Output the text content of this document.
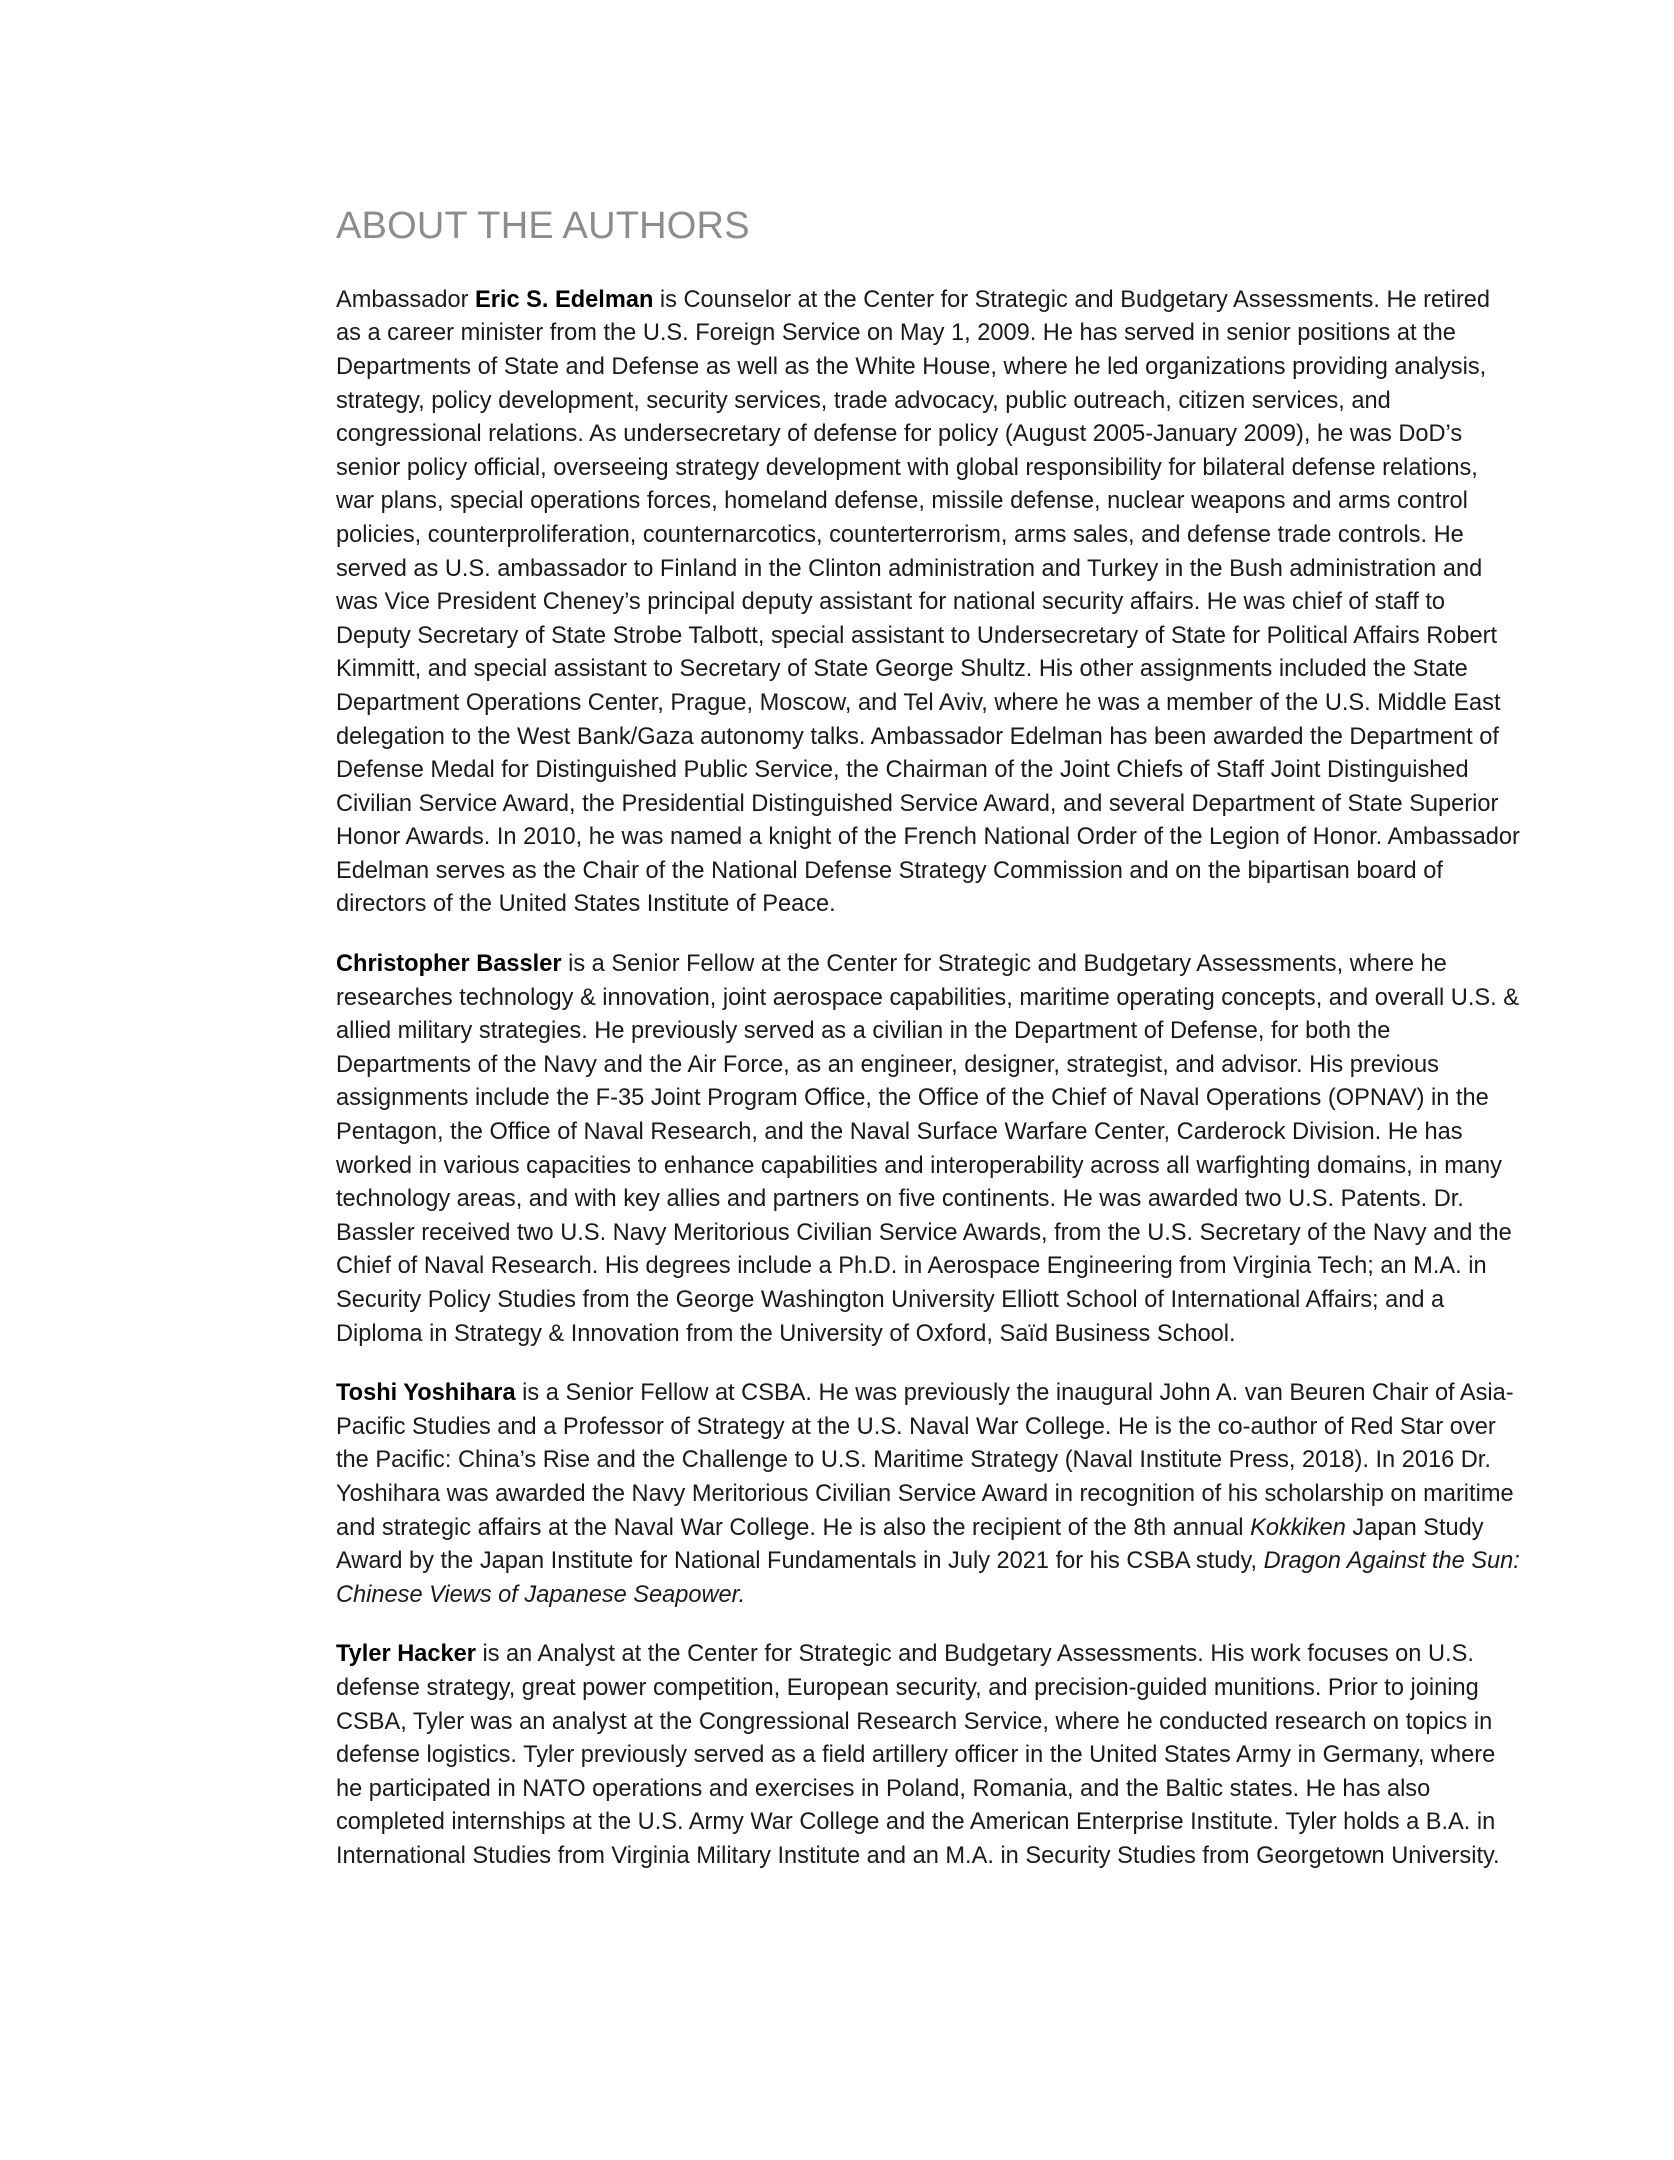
ABOUT THE AUTHORS

Ambassador Eric S. Edelman is Counselor at the Center for Strategic and Budgetary Assessments. He retired as a career minister from the U.S. Foreign Service on May 1, 2009. He has served in senior positions at the Departments of State and Defense as well as the White House, where he led organizations providing analysis, strategy, policy development, security services, trade advocacy, public outreach, citizen services, and congressional relations. As undersecretary of defense for policy (August 2005-January 2009), he was DoD’s senior policy official, overseeing strategy development with global responsibility for bilateral defense relations, war plans, special operations forces, homeland defense, missile defense, nuclear weapons and arms control policies, counterproliferation, counternarcotics, counterterrorism, arms sales, and defense trade controls. He served as U.S. ambassador to Finland in the Clinton administration and Turkey in the Bush administration and was Vice President Cheney’s principal deputy assistant for national security affairs. He was chief of staff to Deputy Secretary of State Strobe Talbott, special assistant to Undersecretary of State for Political Affairs Robert Kimmitt, and special assistant to Secretary of State George Shultz. His other assignments included the State Department Operations Center, Prague, Moscow, and Tel Aviv, where he was a member of the U.S. Middle East delegation to the West Bank/Gaza autonomy talks. Ambassador Edelman has been awarded the Department of Defense Medal for Distinguished Public Service, the Chairman of the Joint Chiefs of Staff Joint Distinguished Civilian Service Award, the Presidential Distinguished Service Award, and several Department of State Superior Honor Awards. In 2010, he was named a knight of the French National Order of the Legion of Honor. Ambassador Edelman serves as the Chair of the National Defense Strategy Commission and on the bipartisan board of directors of the United States Institute of Peace.

Christopher Bassler is a Senior Fellow at the Center for Strategic and Budgetary Assessments, where he researches technology & innovation, joint aerospace capabilities, maritime operating concepts, and overall U.S. & allied military strategies. He previously served as a civilian in the Department of Defense, for both the Departments of the Navy and the Air Force, as an engineer, designer, strategist, and advisor. His previous assignments include the F-35 Joint Program Office, the Office of the Chief of Naval Operations (OPNAV) in the Pentagon, the Office of Naval Research, and the Naval Surface Warfare Center, Carderock Division. He has worked in various capacities to enhance capabilities and interoperability across all warfighting domains, in many technology areas, and with key allies and partners on five continents. He was awarded two U.S. Patents. Dr. Bassler received two U.S. Navy Meritorious Civilian Service Awards, from the U.S. Secretary of the Navy and the Chief of Naval Research. His degrees include a Ph.D. in Aerospace Engineering from Virginia Tech; an M.A. in Security Policy Studies from the George Washington University Elliott School of International Affairs; and a Diploma in Strategy & Innovation from the University of Oxford, Saïd Business School.

Toshi Yoshihara is a Senior Fellow at CSBA. He was previously the inaugural John A. van Beuren Chair of Asia-Pacific Studies and a Professor of Strategy at the U.S. Naval War College. He is the co-author of Red Star over the Pacific: China’s Rise and the Challenge to U.S. Maritime Strategy (Naval Institute Press, 2018). In 2016 Dr. Yoshihara was awarded the Navy Meritorious Civilian Service Award in recognition of his scholarship on maritime and strategic affairs at the Naval War College. He is also the recipient of the 8th annual Kokkiken Japan Study Award by the Japan Institute for National Fundamentals in July 2021 for his CSBA study, Dragon Against the Sun: Chinese Views of Japanese Seapower.

Tyler Hacker is an Analyst at the Center for Strategic and Budgetary Assessments. His work focuses on U.S. defense strategy, great power competition, European security, and precision-guided munitions. Prior to joining CSBA, Tyler was an analyst at the Congressional Research Service, where he conducted research on topics in defense logistics. Tyler previously served as a field artillery officer in the United States Army in Germany, where he participated in NATO operations and exercises in Poland, Romania, and the Baltic states. He has also completed internships at the U.S. Army War College and the American Enterprise Institute. Tyler holds a B.A. in International Studies from Virginia Military Institute and an M.A. in Security Studies from Georgetown University.
